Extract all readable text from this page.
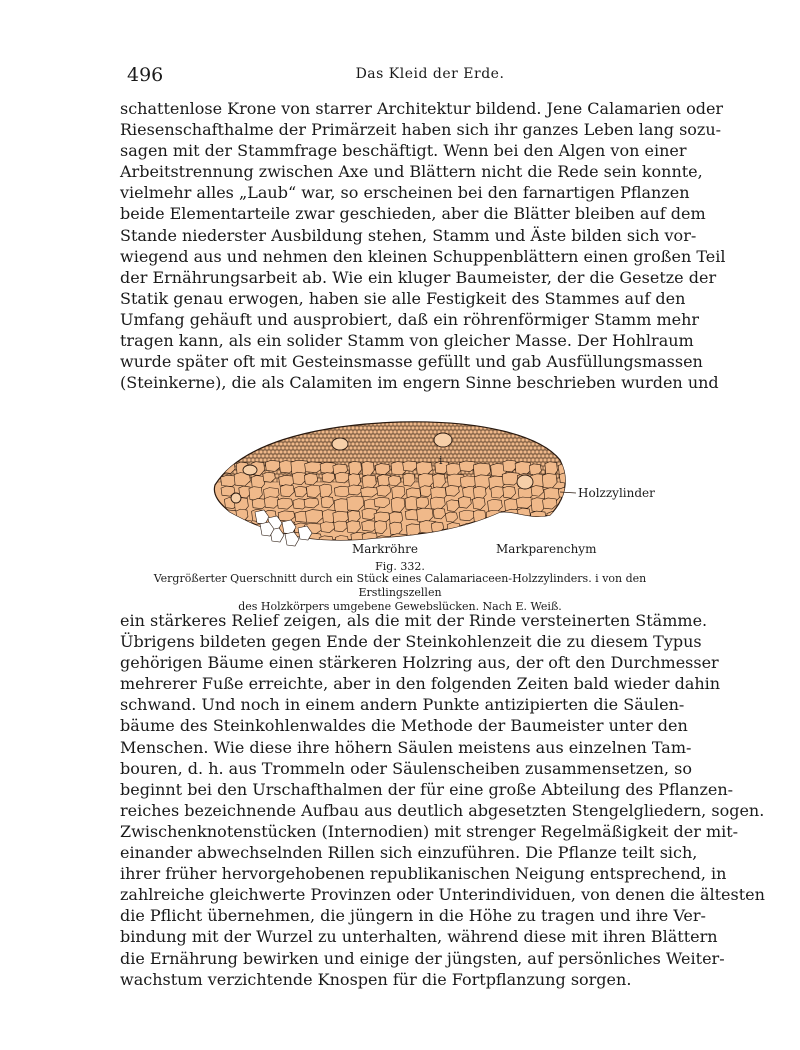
496	Das Kleid der Erde.
schattenlose Krone von starrer Architektur bildend. Jene Calamarien oder
Riesenschafthalme der Primärzeit haben sich ihr ganzes Leben lang sozu-
sagen mit der Stammfrage beschäftigt. Wenn bei den Algen von einer
Arbeitstrennung zwischen Axe und Blättern nicht die Rede sein konnte,
vielmehr alles „Laub“ war, so erscheinen bei den farnartigen Pflanzen
beide Elementarteile zwar geschieden, aber die Blätter bleiben auf dem
Stande niederster Ausbildung stehen, Stamm und Äste bilden sich vor-
wiegend aus und nehmen den kleinen Schuppenblättern einen großen Teil
der Ernährungsarbeit ab. Wie ein kluger Baumeister, der die Gesetze der
Statik genau erwogen, haben sie alle Festigkeit des Stammes auf den
Umfang gehäuft und ausprobiert, daß ein röhrenförmiger Stamm mehr
tragen kann, als ein solider Stamm von gleicher Masse. Der Hohlraum
wurde später oft mit Gesteinsmasse gefüllt und gab Ausfüllungsmassen
(Steinkerne), die als Calamiten im engern Sinne beschrieben wurden und
Holzzylinder
Markröhre	Markparenchym
i
Fig. 332.
Vergrößerter Querschnitt durch ein Stück eines Calamariaceen-Holzzylinders. i von den Erstlingszellen
des Holzkörpers umgebene Gewebslücken. Nach E. Weiß.
ein stärkeres Relief zeigen, als die mit der Rinde versteinerten Stämme.
Übrigens bildeten gegen Ende der Steinkohlenzeit die zu diesem Typus
gehörigen Bäume einen stärkeren Holzring aus, der oft den Durchmesser
mehrerer Fuße erreichte, aber in den folgenden Zeiten bald wieder dahin
schwand. Und noch in einem andern Punkte antizipierten die Säulen-
bäume des Steinkohlenwaldes die Methode der Baumeister unter den
Menschen. Wie diese ihre höhern Säulen meistens aus einzelnen Tam-
bouren, d. h. aus Trommeln oder Säulenscheiben zusammensetzen, so
beginnt bei den Urschafthalmen der für eine große Abteilung des Pflanzen-
reiches bezeichnende Aufbau aus deutlich abgesetzten Stengelgliedern, sogen.
Zwischenknotenstücken (Internodien) mit strenger Regelmäßigkeit der mit-
einander abwechselnden Rillen sich einzuführen. Die Pflanze teilt sich,
ihrer früher hervorgehobenen republikanischen Neigung entsprechend, in
zahlreiche gleichwerte Provinzen oder Unterindividuen, von denen die ältesten
die Pflicht übernehmen, die jüngern in die Höhe zu tragen und ihre Ver-
bindung mit der Wurzel zu unterhalten, während diese mit ihren Blättern
die Ernährung bewirken und einige der jüngsten, auf persönliches Weiter-
wachstum verzichtende Knospen für die Fortpflanzung sorgen.
